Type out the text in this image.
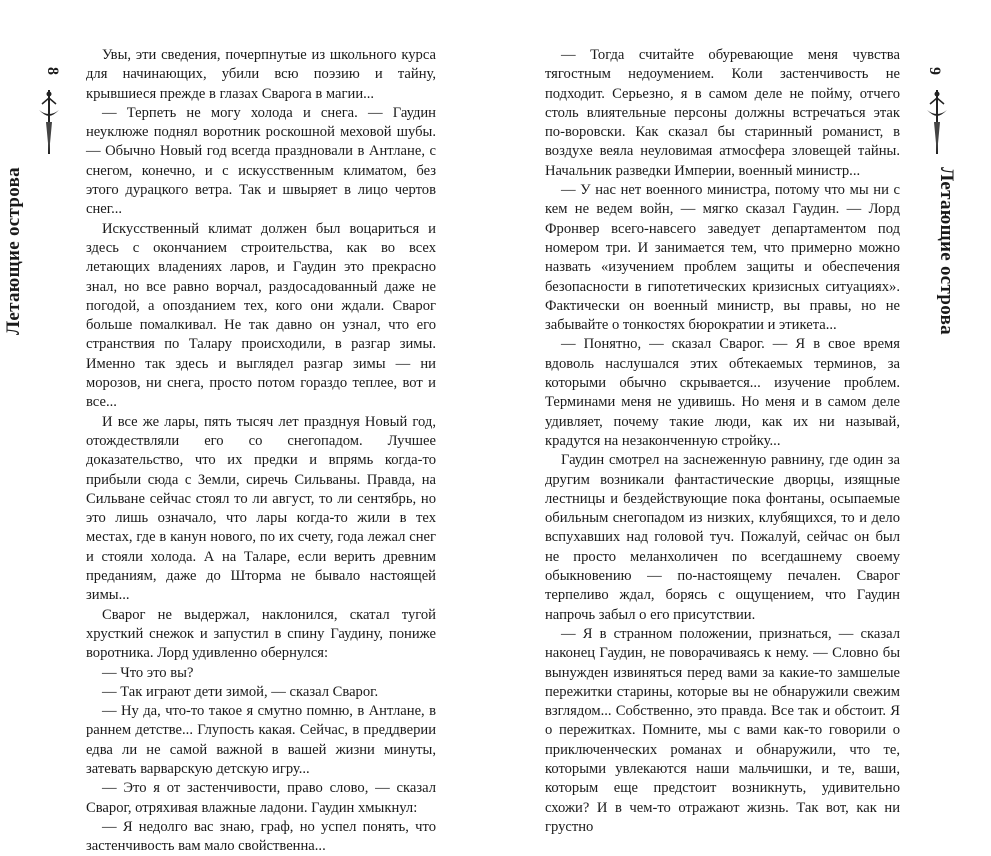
8
Летающие острова

Увы, эти сведения, почерпнутые из школьного курса для начинающих, убили всю поэзию и тайну, крывшиеся прежде в глазах Сварога в магии...

— Терпеть не могу холода и снега. — Гаудин неуклюже поднял воротник роскошной меховой шубы. — Обычно Новый год всегда праздновали в Антлане, с снегом, конечно, и с искусственным климатом, без этого дурацкого ветра. Так и швыряет в лицо чертов снег...

Искусственный климат должен был воцариться и здесь с окончанием строительства, как во всех летающих владениях ларов, и Гаудин это прекрасно знал, но все равно ворчал, раздосадованный даже не погодой, а опозданием тех, кого они ждали. Сварог больше помалкивал. Не так давно он узнал, что его странствия по Талару происходили, в разгар зимы. Именно так здесь и выглядел разгар зимы — ни морозов, ни снега, просто потом гораздо теплее, вот и все...

И все же лары, пять тысяч лет празднуя Новый год, отождествляли его со снегопадом. Лучшее доказательство, что их предки и впрямь когда-то прибыли сюда с Земли, сиречь Сильваны. Правда, на Сильване сейчас стоял то ли август, то ли сентябрь, но это лишь означало, что лары когда-то жили в тех местах, где в канун нового, по их счету, года лежал снег и стояли холода. А на Таларе, если верить древним преданиям, даже до Шторма не бывало настоящей зимы...

Сварог не выдержал, наклонился, скатал тугой хрусткий снежок и запустил в спину Гаудину, пониже воротника. Лорд удивленно обернулся:

— Что это вы?

— Так играют дети зимой, — сказал Сварог.

— Ну да, что-то такое я смутно помню, в Антлане, в раннем детстве... Глупость какая. Сейчас, в преддверии едва ли не самой важной в вашей жизни минуты, затевать варварскую детскую игру...

— Это я от застенчивости, право слово, — сказал Сварог, отряхивая влажные ладони. Гаудин хмыкнул:

— Я недолго вас знаю, граф, но успел понять, что застенчивость вам мало свойственна...

— Тогда считайте обуревающие меня чувства тягостным недоумением. Коли застенчивость не подходит. Серьезно, я в самом деле не пойму, отчего столь влиятельные персоны должны встречаться этак по-воровски. Как сказал бы старинный романист, в воздухе веяла неуловимая атмосфера зловещей тайны. Начальник разведки Империи, военный министр...

— У нас нет военного министра, потому что мы ни с кем не ведем войн, — мягко сказал Гаудин. — Лорд Фронвер всего-навсего заведует департаментом под номером три. И занимается тем, что примерно можно назвать «изучением проблем защиты и обеспечения безопасности в гипотетических кризисных ситуациях». Фактически он военный министр, вы правы, но не забывайте о тонкостях бюрократии и этикета...

— Понятно, — сказал Сварог. — Я в свое время вдоволь наслушался этих обтекаемых терминов, за которыми обычно скрывается... изучение проблем. Терминами меня не удивишь. Но меня и в самом деле удивляет, почему такие люди, как их ни называй, крадутся на незаконченную стройку...

Гаудин смотрел на заснеженную равнину, где один за другим возникали фантастические дворцы, изящные лестницы и бездействующие пока фонтаны, осыпаемые обильным снегопадом из низких, клубящихся, то и дело вспухавших над головой туч. Пожалуй, сейчас он был не просто меланхоличен по всегдашнему своему обыкновению — по-настоящему печален. Сварог терпеливо ждал, борясь с ощущением, что Гаудин напрочь забыл о его присутствии.

— Я в странном положении, признаться, — сказал наконец Гаудин, не поворачиваясь к нему. — Словно бы вынужден извиняться перед вами за какие-то замшелые пережитки старины, которые вы не обнаружили свежим взглядом... Собственно, это правда. Все так и обстоит. Я о пережитках. Помните, мы с вами как-то говорили о приключенческих романах и обнаружили, что те, которыми увлекаются наши мальчишки, и те, ваши, которым еще предстоит возникнуть, удивительно схожи? И в чем-то отражают жизнь. Так вот, как ни грустно

9
Летающие острова
